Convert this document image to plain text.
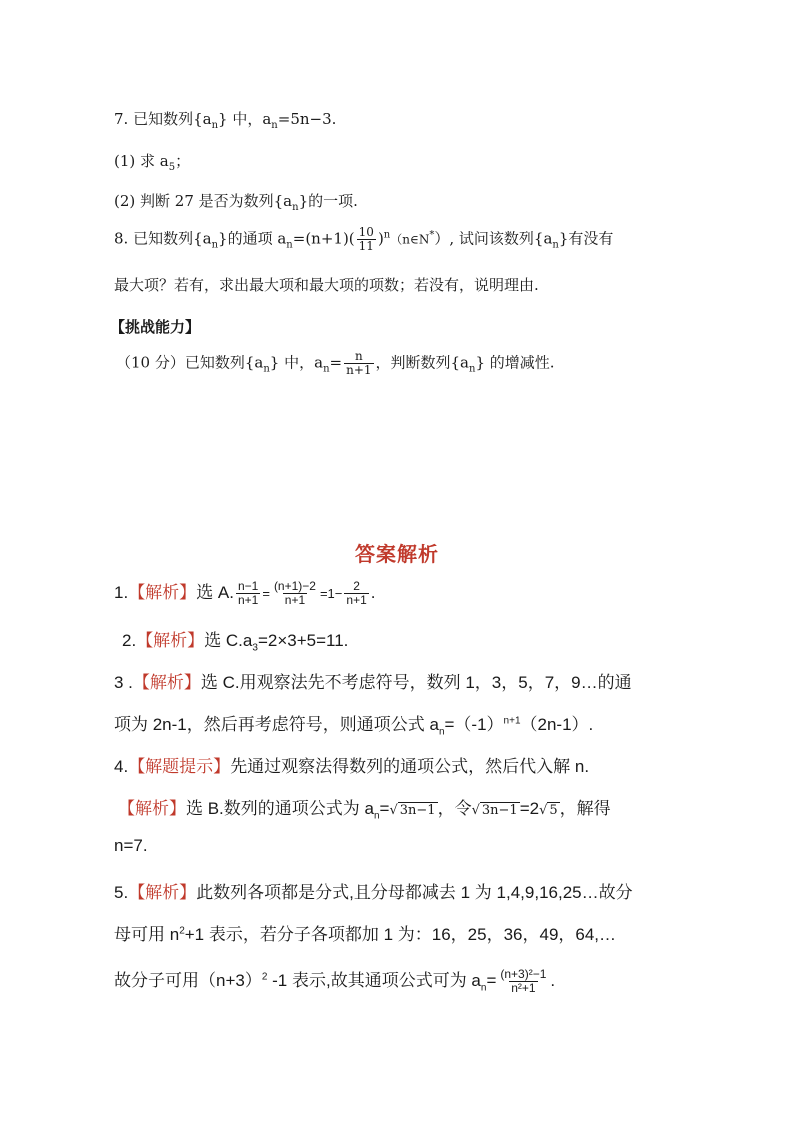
7. 已知数列$\{a_n\}$ 中，$a_n=5n-3$.
(1) 求 $a_5$；
(2) 判断 27 是否为数列$\{a_n\}$的一项.
8. 已知数列$\{a_n\}$的通项 $a_n=(n+1)( \frac{10}{11}$ )$^n(n\in N^*)$, 试问该数列$\{a_n\}$有没有
最大项？若有，求出最大项和最大项的项数；若没有，说明理由.
【挑战能力】
（10 分）已知数列$\{a_n\}$ 中，$a_n= \frac{n}{n+1}$ ，判断数列$\{a_n\}$ 的增减性.
答案解析
1.【解析】选 A. $\frac{n-1}{n+1} = \frac{(n+1)-2}{n+1} =1- \frac{2}{n+1}$ .
2.【解析】选 $C.a_3=2\times 3+5=11$.
3 .【解析】选 C.用观察法先不考虑符号，数列 1，3，5，7，9…的通
项为 2n-1，然后再考虑符号，则通项公式 $a_n=(-1)^{n+1}(2n-1)$.
4.【解题提示】先通过观察法得数列的通项公式，然后代入解 n.
【解析】选 B.数列的通项公式为 $a_n=√$ 3n−1 ，令√ 3n−1 =2√ 5 ，解得
n=7.
5.【解析】此数列各项都是分式,且分母都减去 1 为 1,4,9,16,25…故分
母可用 $n^2+1$ 表示，若分子各项都加 1 为：16，25，36，49，64,…
故分子可用$(n+3)^2$ -1 表示,故其通项公式可为 $a_n= \frac{\text{(n+3)²−1}}{\text{n²+1}}$ .
